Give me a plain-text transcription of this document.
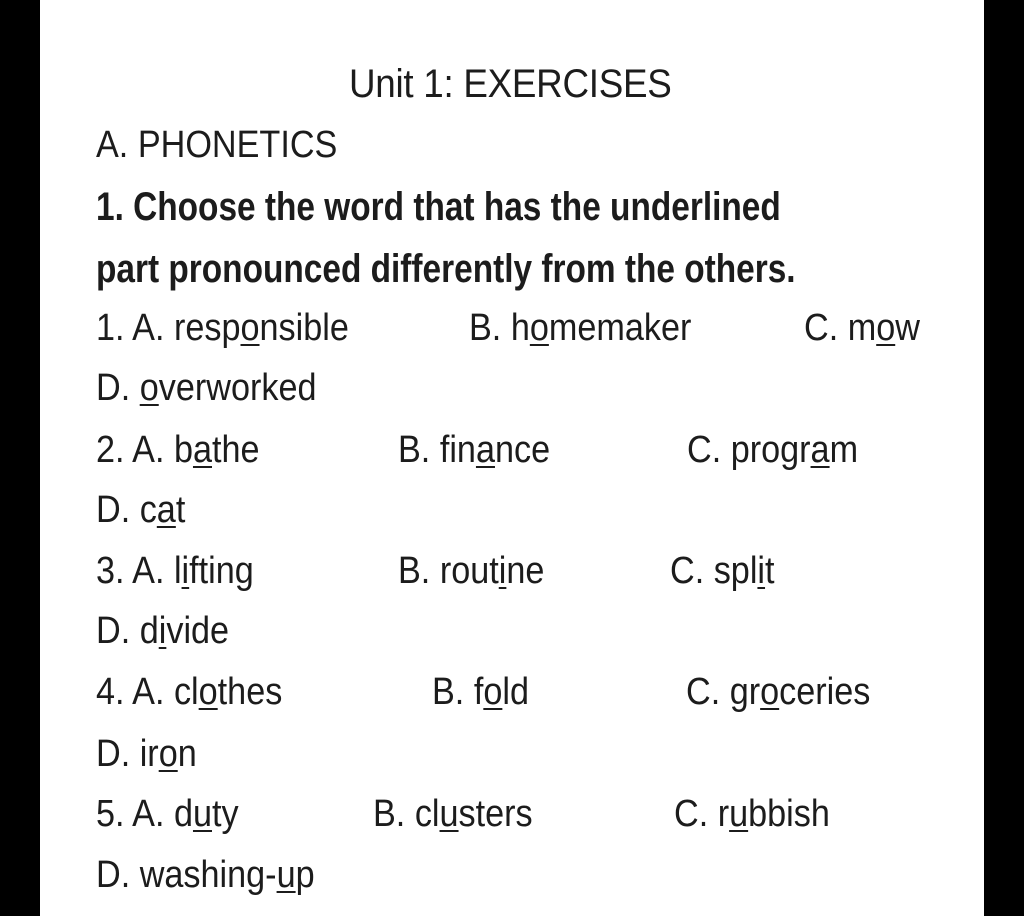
Unit 1: EXERCISES
A. PHONETICS
1. Choose the word that has the underlined
part pronounced differently from the others.
1. A. responsible	B. homemaker	C. mow
D. overworked
2. A. bathe	B. finance	C. program
D. cat
3. A. lifting	B. routine	C. split
D. divide
4. A. clothes	B. fold	C. groceries
D. iron
5. A. duty	B. clusters	C. rubbish
D. washing-up
